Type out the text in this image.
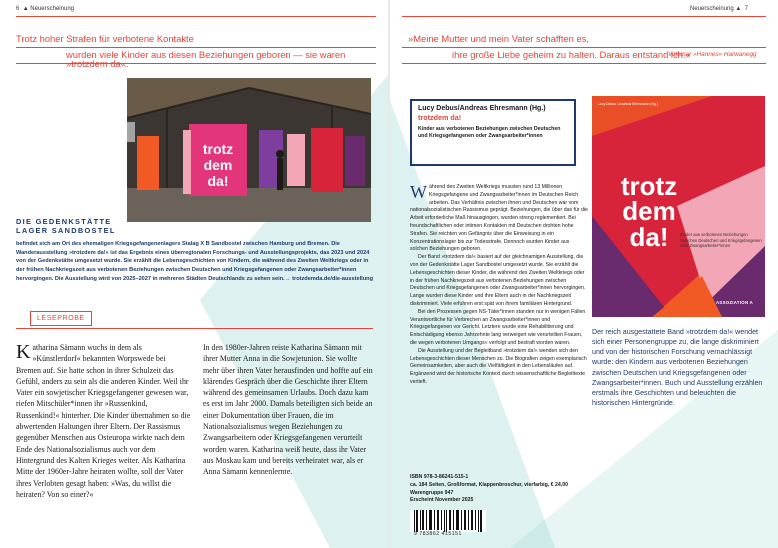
6 ▲ Neuerscheinung
Trotz hoher Strafen für verbotene Kontakte
wurden viele Kinder aus diesen Beziehungen geboren — sie waren
trotz
dem
da!
DIE GEDENKSTÄTTE LAGER SANDBOSTEL
befindet sich am Ort des ehemaligen Kriegsgefangenenlagers Stalag X B Sandbostel zwischen Hamburg und Bremen. Die Wanderausstellung »trotzdem da!« ist das Ergebnis eines überregionalen Forschungs- und Ausstellungsprojekts, das 2023 und 2024 von der Gedenkstätte umgesetzt wurde. Sie erzählt die Lebensgeschichten von Kindern, die während des Zweiten Weltkriegs oder in der frühen Nachkriegszeit aus verbotenen Beziehungen zwischen Deutschen und Kriegsgefangenen oder Zwangsarbeiter*innen hervorgingen. Die Ausstellung wird von 2025–2027 in mehreren Städten Deutschlands zu sehen sein. → trotzdemda.de/die-ausstellung
LESEPROBE
K atharina Sämann wuchs in dem als »Künstlerdorf« bekannten Worpswede bei Bremen auf. Sie hatte schon in ihrer Schulzeit das Gefühl, anders zu sein als die anderen Kinder. Weil ihr Vater ein sowjetischer Kriegsgefangener gewesen war, riefen Mitschüler*innen ihr »Russenkind, Russenkind!« hinterher. Die Kinder übernahmen so die abwertenden Haltungen ihrer Eltern. Der Rassismus gegenüber Menschen aus Osteuropa wirkte nach dem Ende des Nationalsozialismus auch vor dem Hintergrund des Kalten Krieges weiter. Als Katharina Mitte der 1960er-Jahre heiraten wollte, soll der Vater ihres Verlobten gesagt haben: »Was, du willst die heiraten? Von so einer?«
In den 1980er-Jahren reiste Katharina Sämann mit ihrer Mutter Anna in die Sowjetunion. Sie wollte mehr über ihren Vater herausfinden und hoffte auf ein klärendes Gespräch über die Geschichte ihrer Eltern während des gemeinsamen Urlaubs. Doch dazu kam es erst im Jahr 2000. Damals beteiligten sich beide an einer Dokumentation über Frauen, die im Nationalsozialismus wegen Beziehungen zu Zwangsarbeitern oder Kriegsgefangenen verurteilt worden waren. Katharina weiß heute, dass ihr Vater aus Moskau kam und bereits verheiratet war, als er Anna Sämann kennenlernte.
Neuerscheinung ▲ 7
»Meine Mutter und mein Vater schafften es,
ihre große Liebe geheim zu halten. Daraus entstand ich.«
Volkmar »Hannes« Harwanegg
Lucy Debus/Andreas Ehresmann (Hg.)
trotzdem da!
Kinder aus verbotenen Beziehungen zwischen Deutschen und Kriegsgefangenen oder Zwangsarbeiter*innen

Während des Zweiten Weltkriegs mussten rund 13 Millionen Kriegsgefangene und Zwangsarbeiter*innen im Deutschen Reich arbeiten. Das Verhältnis zwischen ihnen und Deutschen war vom nationalsozialistischen Rassismus geprägt. Beziehungen, die über das für die Arbeit erforderliche Maß hinausgingen, wurden streng reglementiert. Bei freundschaftlichen oder intimen Kontakten mit Deutschen drohten hohe Strafen. Sie reichten von Gefängnis über die Einweisung in ein Konzentrationslager bis zur Todesstrafe. Dennoch wurden Kinder aus solchen Beziehungen geboren.

Der Band »trotzdem da!« basiert auf der gleichnamigen Ausstellung, die von der Gedenkstätte Lager Sandbostel umgesetzt wurde. Sie erzählt die Lebensgeschichten dieser Kinder, die während des Zweiten Weltkriegs oder in der frühen Nachkriegszeit aus verbotenen Beziehungen zwischen Deutschen und Kriegsgefangenen oder Zwangsarbeiter*innen hervorgingen. Lange wurden diese Kinder und ihre Eltern auch in der Nachkriegszeit diskriminiert. Viele erfuhren erst spät von ihrem familiären Hintergrund.

Bei den Prozessen gegen NS-Täter*innen standen nur in wenigen Fällen Verantwortliche für Verbrechen an Zwangsarbeiter*innen und Kriegsgefangenen vor Gericht. Letztere wurde eine Rehabilitierung und Entschädigung ebenso Jahrzehnte lang verweigert wie verurteilten Frauen, die wegen verbotenen Umgangs« verfolgt und bestraft worden waren.

Die Ausstellung und der Begleitband »trotzdem da!« wenden sich den Lebensgeschichten dieser Menschen zu. Die Biografien zeigen exemplarisch Gemeinsamkeiten, aber auch die Vielfältigkeit in den Lebensläufen auf. Ergänzend wird der historische Kontext durch wissenschaftliche Begleittexte vertieft.

ISBN 978-3-86241-515-1
ca. 184 Seiten, Großformat, Klappenbroschur, vierfarbig, € 24,00
Warengruppe 947
Erscheint November 2025
9 783862 415151
Lucy Debus / Andreas Ehresmann (Hg.)
trotz dem da!	Kinder aus verbotenen Beziehungen zwischen Deutschen und Kriegsgefangenen oder Zwangsarbeiter*innen
ASSOZIATION A
Der reich ausgestattete Band »trotzdem da!« wendet sich einer Personengruppe zu, die lange diskriminiert und von der historischen Forschung vernachlässigt wurde: den Kindern aus verbotenen Beziehungen zwischen Deutschen und Kriegsgefangenen oder Zwangsarbeiter*innen. Buch und Ausstellung erzählen erstmals ihre Geschichten und beleuchten die historischen Hintergründe.
